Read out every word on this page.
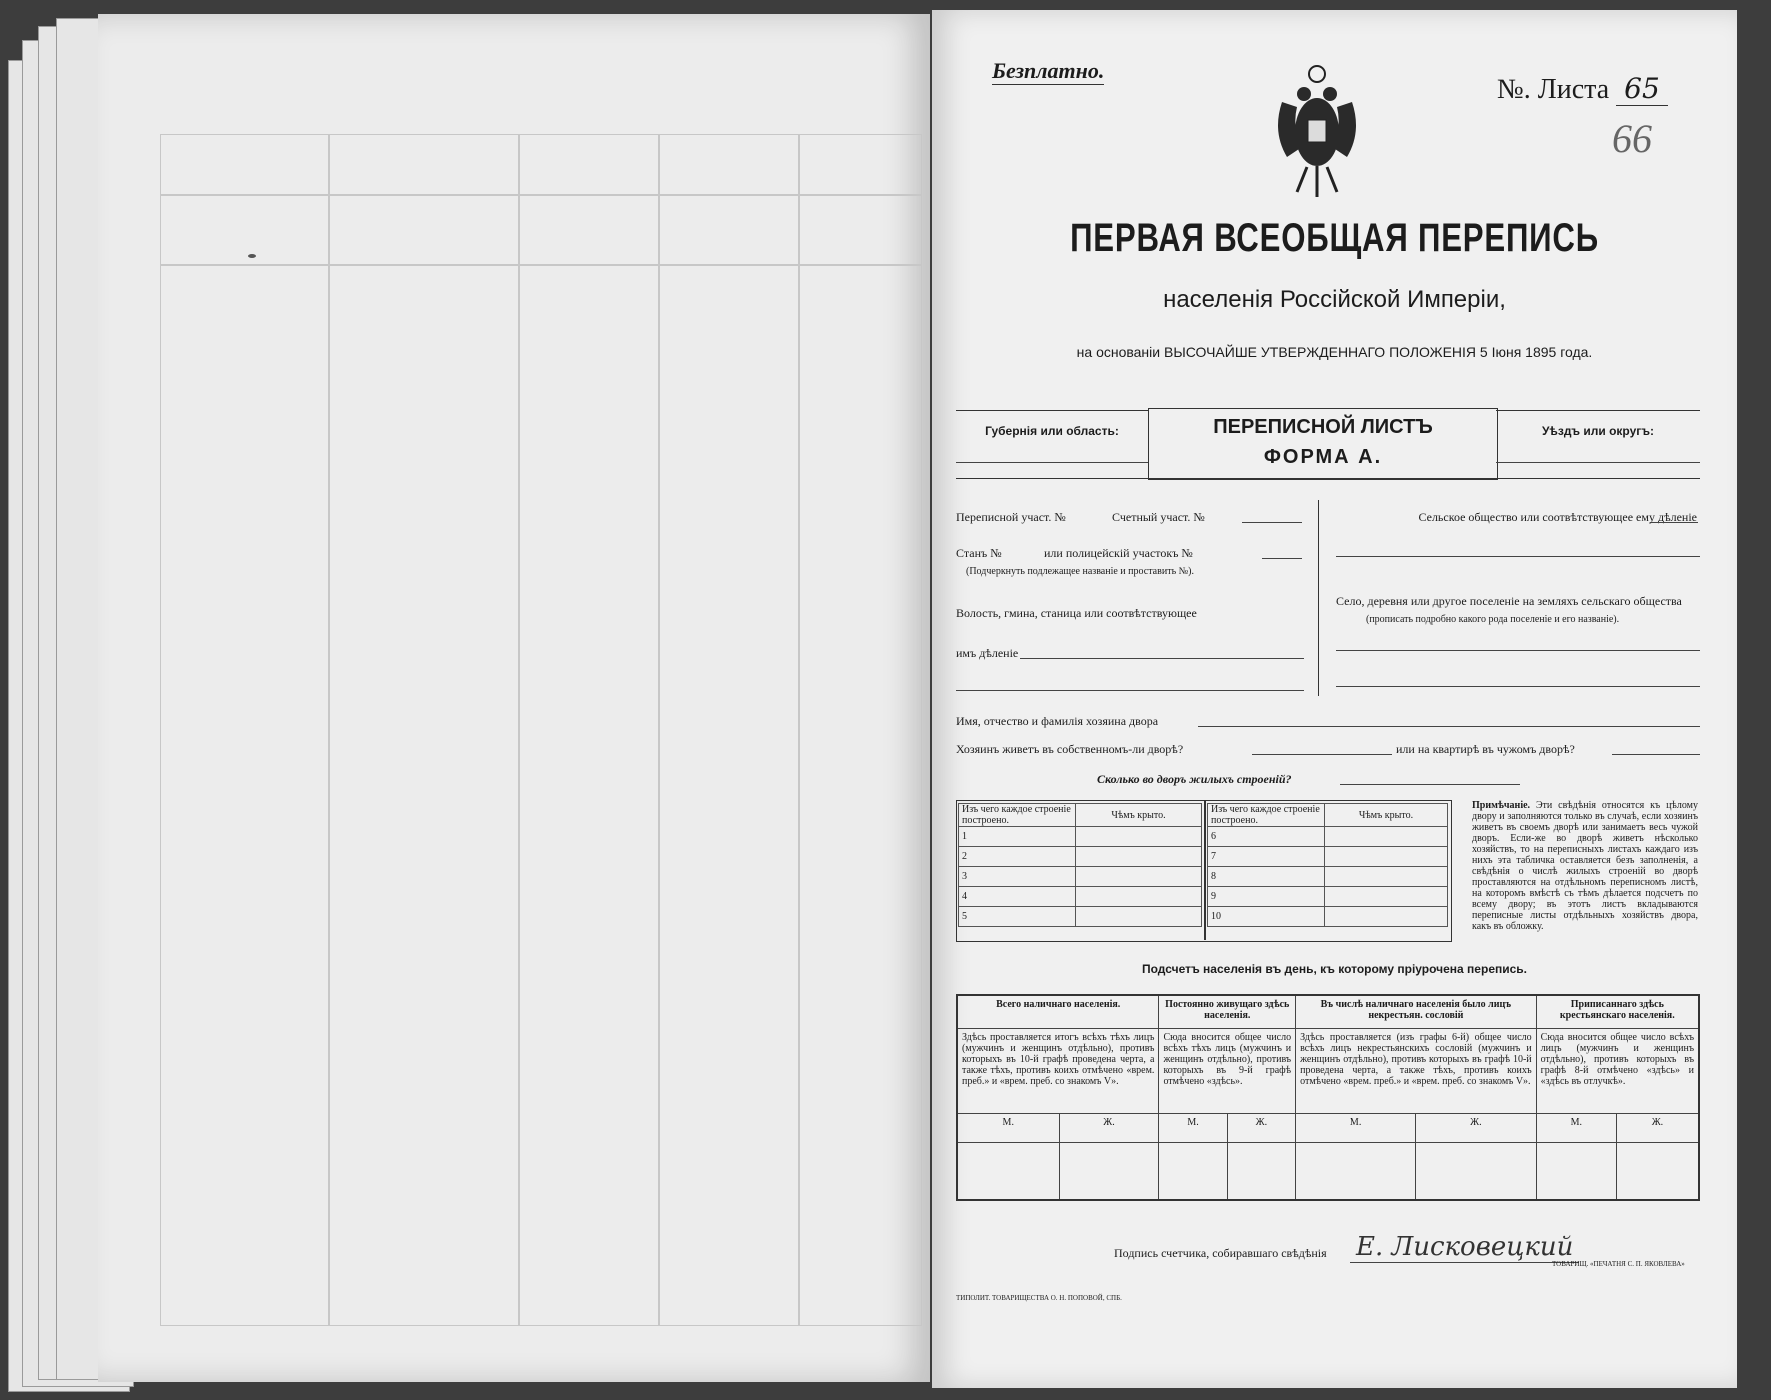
Безплатно.
№. Листа 65
66
ПЕРВАЯ ВСЕОБЩАЯ ПЕРЕПИСЬ
населенія Россійской Имперіи,
на основаніи ВЫСОЧАЙШЕ УТВЕРЖДЕННАГО ПОЛОЖЕНІЯ 5 Іюня 1895 года.
Губернія или область:	ПЕРЕПИСНОЙ ЛИСТЪ
ФОРМА А.
Уѣздъ или округъ:
Переписной участ. №	Счетный участ. №
Станъ №	или полицейскій участокъ №
(Подчеркнуть подлежащее названіе и проставить №).
Волость, гмина, станица или соотвѣтствующее
имъ дѣленіе
Сельское общество или соотвѣтствующее ему дѣленіе
Село, деревня или другое поселеніе на земляхъ сельскаго общества
(прописать подробно какого рода поселеніе и его названіе).
Имя, отчество и фамилія хозяина двора
Хозяинъ живетъ въ собственномъ-ли дворѣ?	или на квартирѣ въ чужомъ дворѣ?
Сколько во дворъ жилыхъ строеній?
Изъ чего каждое строеніе построено.	Чѣмъ крыто.
1	
2	
3	
4	
5	
Изъ чего каждое строеніе построено.	Чѣмъ крыто.
6	
7	
8	
9	
10	
Примѣчаніе. Эти свѣдѣнія относятся къ цѣлому двору и заполняются только въ случаѣ, если хозяинъ живетъ въ своемъ дворѣ или занимаетъ весь чужой дворъ. Если-же во дворѣ живетъ нѣсколько хозяйствъ, то на переписныхъ листахъ каждаго изъ нихъ эта табличка оставляется безъ заполненія, а свѣдѣнія о числѣ жилыхъ строеній во дворѣ проставляются на отдѣльномъ переписномъ листѣ, на которомъ вмѣстѣ съ тѣмъ дѣлается подсчетъ по всему двору; въ этотъ листъ вкладываются переписные листы отдѣльныхъ хозяйствъ двора, какъ въ обложку.
Подсчетъ населенія въ день, къ которому пріурочена перепись.
Всего наличнаго населенія.		Постоянно живущаго здѣсь населенія.		Въ числѣ наличнаго населенія было лицъ некрестьян. сословій		Приписаннаго здѣсь крестьянскаго населенія.	
Здѣсь проставляется итогъ всѣхъ тѣхъ лицъ (мужчинъ и женщинъ отдѣльно), противъ которыхъ въ 10-й графѣ проведена черта, а также тѣхъ, противъ коихъ отмѣчено «врем. преб.» и «врем. преб. со знакомъ V».		Сюда вносится общее число всѣхъ тѣхъ лицъ (мужчинъ и женщинъ отдѣльно), противъ которыхъ въ 9-й графѣ отмѣчено «здѣсь».		Здѣсь проставляется (изъ графы 6-й) общее число всѣхъ лицъ некрестьянскихъ сословій (мужчинъ и женщинъ отдѣльно), противъ которыхъ въ графѣ 10-й проведена черта, а также тѣхъ, противъ коихъ отмѣчено «врем. преб.» и «врем. преб. со знакомъ V».		Сюда вносится общее число всѣхъ лицъ (мужчинъ и женщинъ отдѣльно), противъ которыхъ въ графѣ 8-й отмѣчено «здѣсь» и «здѣсь въ отлучкѣ».	
М.	Ж.	М.	Ж.	М.	Ж.	М.	Ж.

Подпись счетчика, собиравшаго свѣдѣнія Е. Лисковецкий
ТИПОЛИТ. ТОВАРИЩЕСТВА О. Н. ПОПОВОЙ, СПБ.
ТОВАРИЩ. «ПЕЧАТНЯ С. П. ЯКОВЛЕВА»
